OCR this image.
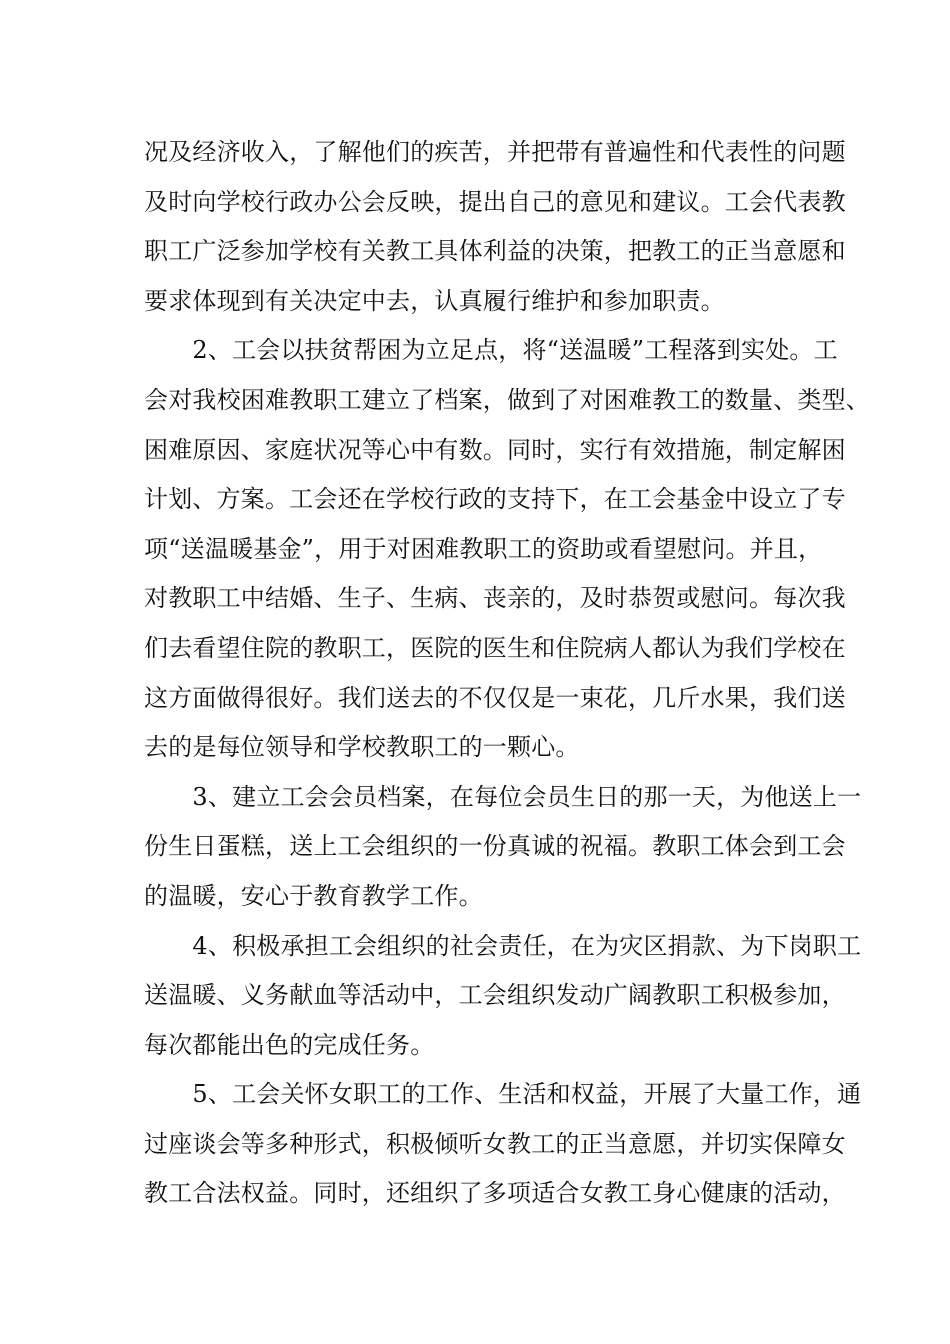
况及经济收入，了解他们的疾苦，并把带有普遍性和代表性的问题
及时向学校行政办公会反映，提出自己的意见和建议。工会代表教
职工广泛参加学校有关教工具体利益的决策，把教工的正当意愿和
要求体现到有关决定中去，认真履行维护和参加职责。
　　2、工会以扶贫帮困为立足点，将“送温暖”工程落到实处。工
会对我校困难教职工建立了档案，做到了对困难教工的数量、类型、
困难原因、家庭状况等心中有数。同时，实行有效措施，制定解困
计划、方案。工会还在学校行政的支持下，在工会基金中设立了专
项“送温暖基金”，用于对困难教职工的资助或看望慰问。并且，
对教职工中结婚、生子、生病、丧亲的，及时恭贺或慰问。每次我
们去看望住院的教职工，医院的医生和住院病人都认为我们学校在
这方面做得很好。我们送去的不仅仅是一束花，几斤水果，我们送
去的是每位领导和学校教职工的一颗心。
　　3、建立工会会员档案，在每位会员生日的那一天，为他送上一
份生日蛋糕，送上工会组织的一份真诚的祝福。教职工体会到工会
的温暖，安心于教育教学工作。
　　4、积极承担工会组织的社会责任，在为灾区捐款、为下岗职工
送温暖、义务献血等活动中，工会组织发动广阔教职工积极参加，
每次都能出色的完成任务。
　　5、工会关怀女职工的工作、生活和权益，开展了大量工作，通
过座谈会等多种形式，积极倾听女教工的正当意愿，并切实保障女
教工合法权益。同时，还组织了多项适合女教工身心健康的活动，
